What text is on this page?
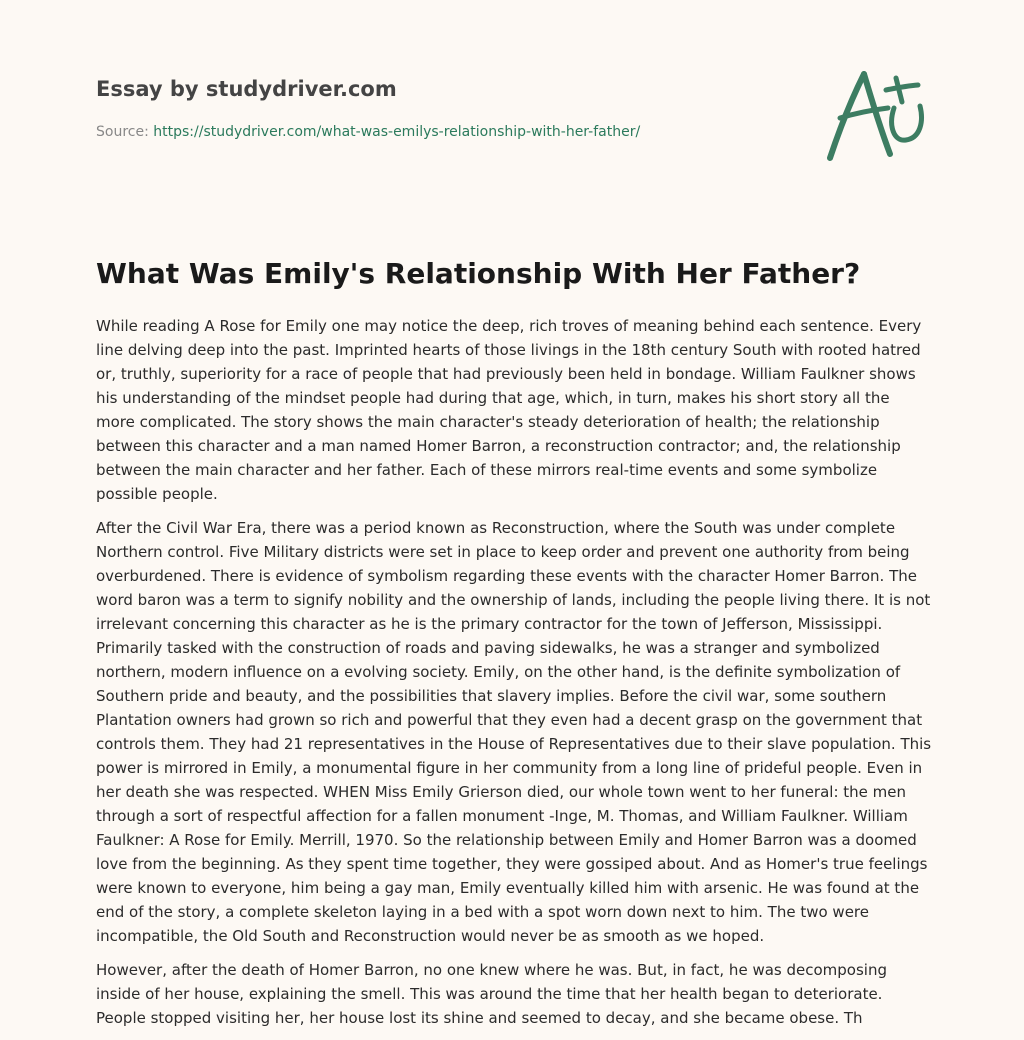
Essay by studydriver.com
Source: https://studydriver.com/what-was-emilys-relationship-with-her-father/
What Was Emily's Relationship With Her Father?

While reading A Rose for Emily one may notice the deep, rich troves of meaning behind each sentence. Every line delving deep into the past. Imprinted hearts of those livings in the 18th century South with rooted hatred or, truthly, superiority for a race of people that had previously been held in bondage. William Faulkner shows his understanding of the mindset people had during that age, which, in turn, makes his short story all the more complicated. The story shows the main character's steady deterioration of health; the relationship between this character and a man named Homer Barron, a reconstruction contractor; and, the relationship between the main character and her father. Each of these mirrors real-time events and some symbolize possible people.

After the Civil War Era, there was a period known as Reconstruction, where the South was under complete Northern control. Five Military districts were set in place to keep order and prevent one authority from being overburdened. There is evidence of symbolism regarding these events with the character Homer Barron. The word baron was a term to signify nobility and the ownership of lands, including the people living there. It is not irrelevant concerning this character as he is the primary contractor for the town of Jefferson, Mississippi. Primarily tasked with the construction of roads and paving sidewalks, he was a stranger and symbolized northern, modern influence on a evolving society. Emily, on the other hand, is the definite symbolization of Southern pride and beauty, and the possibilities that slavery implies. Before the civil war, some southern Plantation owners had grown so rich and powerful that they even had a decent grasp on the government that controls them. They had 21 representatives in the House of Representatives due to their slave population. This power is mirrored in Emily, a monumental figure in her community from a long line of prideful people. Even in her death she was respected. WHEN Miss Emily Grierson died, our whole town went to her funeral: the men through a sort of respectful affection for a fallen monument -Inge, M. Thomas, and William Faulkner. William Faulkner: A Rose for Emily. Merrill, 1970. So the relationship between Emily and Homer Barron was a doomed love from the beginning. As they spent time together, they were gossiped about. And as Homer's true feelings were known to everyone, him being a gay man, Emily eventually killed him with arsenic. He was found at the end of the story, a complete skeleton laying in a bed with a spot worn down next to him. The two were incompatible, the Old South and Reconstruction would never be as smooth as we hoped.

However, after the death of Homer Barron, no one knew where he was. But, in fact, he was decomposing inside of her house, explaining the smell. This was around the time that her health began to deteriorate. People stopped visiting her, her house lost its shine and seemed to decay, and she became obese. Th
